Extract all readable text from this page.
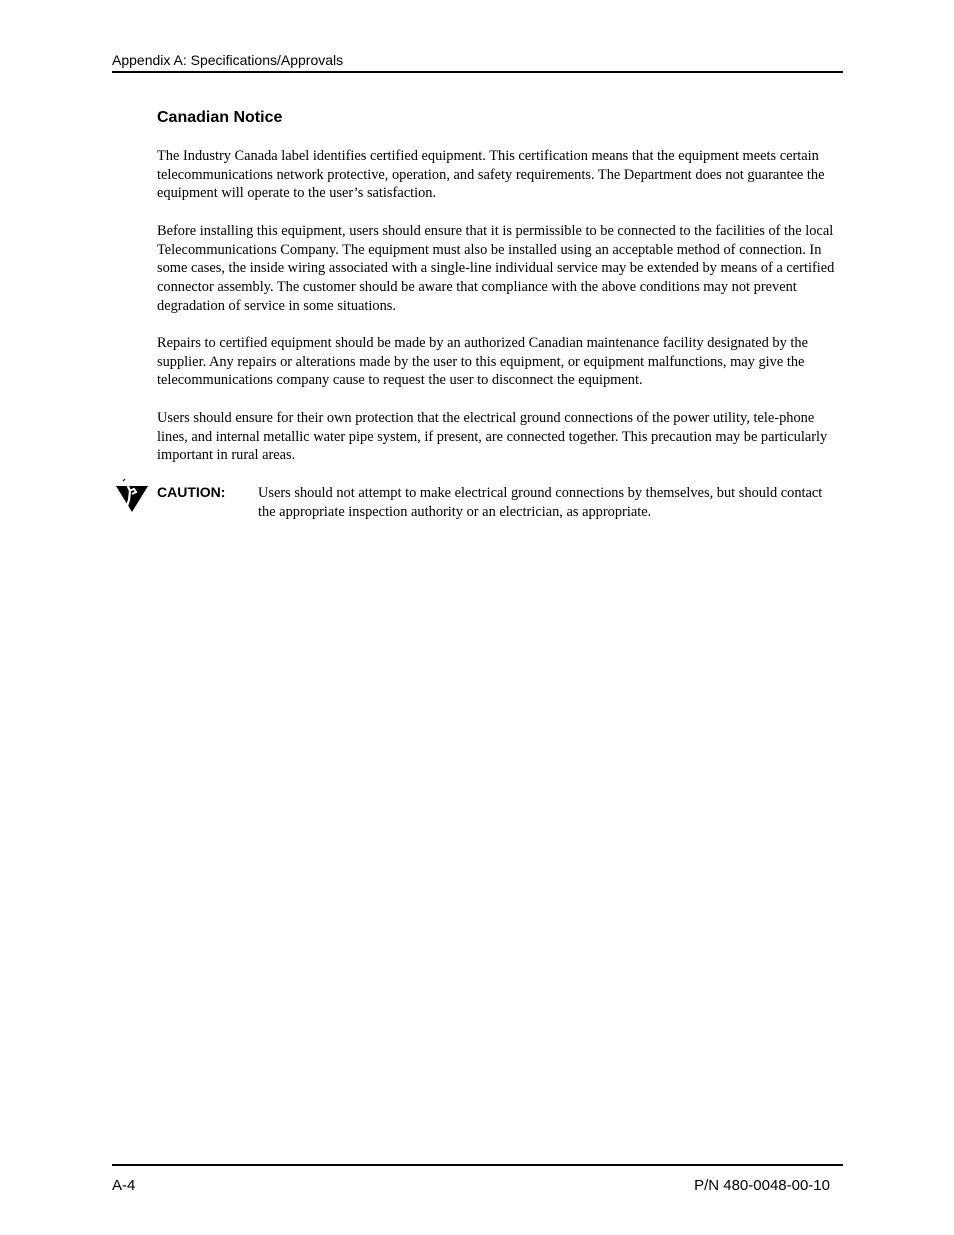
Appendix A: Specifications/Approvals
Canadian Notice
The Industry Canada label identifies certified equipment. This certification means that the equipment meets certain telecommunications network protective, operation, and safety requirements. The Department does not guarantee the equipment will operate to the user’s satisfaction.
Before installing this equipment, users should ensure that it is permissible to be connected to the facilities of the local Telecommunications Company. The equipment must also be installed using an acceptable method of connection. In some cases, the inside wiring associated with a single-line individual service may be extended by means of a certified connector assembly. The customer should be aware that compliance with the above conditions may not prevent degradation of service in some situations.
Repairs to certified equipment should be made by an authorized Canadian maintenance facility designated by the supplier. Any repairs or alterations made by the user to this equipment, or equipment malfunctions, may give the telecommunications company cause to request the user to disconnect the equipment.
Users should ensure for their own protection that the electrical ground connections of the power utility, tele-phone lines, and internal metallic water pipe system, if present, are connected together. This precaution may be particularly important in rural areas.
CAUTION: Users should not attempt to make electrical ground connections by themselves, but should contact the appropriate inspection authority or an electrician, as appropriate.
A-4	P/N 480-0048-00-10
